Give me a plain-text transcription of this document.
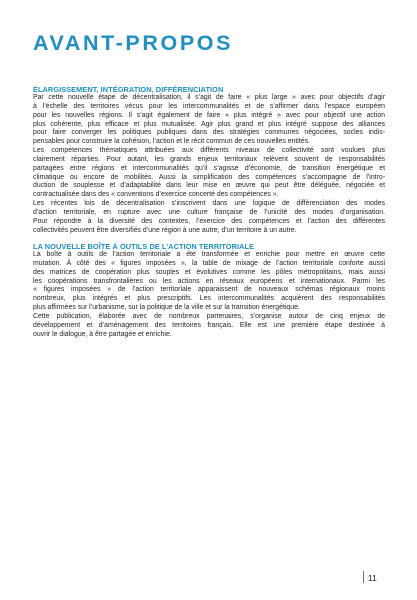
AVANT-PROPOS
ÉLARGISSEMENT, INTÉGRATION, DIFFÉRENCIATION
Par cette nouvelle étape de décentralisation, il s’agit de faire « plus large » avec pour objectifs d’agir
à l’échelle des territoires vécus pour les intercommunalités et de s’affirmer dans l’espace européen
pour les nouvelles régions. Il s’agit également de faire « plus intégré » avec pour objectif une action
plus cohérente, plus efficace et plus mutualisée. Agir plus grand et plus intégré suppose des alliances
pour faire converger les politiques publiques dans des stratégies communes négociées, socles indis-
pensables pour construire la cohésion, l’action et le récit commun de ces nouvelles entités.
Les compétences thématiques attribuées aux différents niveaux de collectivité sont voulues plus
clairement réparties. Pour autant, les grands enjeux territoriaux relèvent souvent de responsabilités
partagées entre régions et intercommunalités qu’il s’agisse d’économie, de transition énergétique et
climatique ou encore de mobilités. Aussi la simplification des compétences s’accompagne de l’intro-
duction de souplesse et d’adaptabilité dans leur mise en œuvre qui peut être déléguée, négociée et
contractualisée dans des « conventions d’exercice concerté des compétences ».
Les récentes lois de décentralisation s’inscrivent dans une logique de différenciation des modes
d’action territoriale, en rupture avec une culture française de l’unicité des modes d’organisation.
Pour répondre à la diversité des contextes, l’exercice des compétences et l’action des différentes
collectivités peuvent être diversifiés d’une région à une autre, d’un territoire à un autre.
LA NOUVELLE BOÎTE À OUTILS DE L’ACTION TERRITORIALE
La boîte à outils de l’action territoriale a été transformée et enrichie pour mettre en œuvre cette
mutation. À côté des « figures imposées », la table de mixage de l’action territoriale conforte aussi
des matrices de coopération plus souples et évolutives comme les pôles métropolitains, mais aussi
les coopérations transfrontalières ou les actions en réseaux européens et internationaux. Parmi les
« figures imposées » de l’action territoriale apparaissent de nouveaux schémas régionaux moins
nombreux, plus intégrés et plus prescriptifs. Les intercommunalités acquièrent des responsabilités
plus affirmées sur l’urbanisme, sur la politique de la ville et sur la transition énergétique.
Cette publication, élaborée avec de nombreux partenaires, s’organise autour de cinq enjeux de
développement et d’aménagement des territoires français. Elle est une première étape destinée à
ouvrir le dialogue, à être partagée et enrichie.
11
